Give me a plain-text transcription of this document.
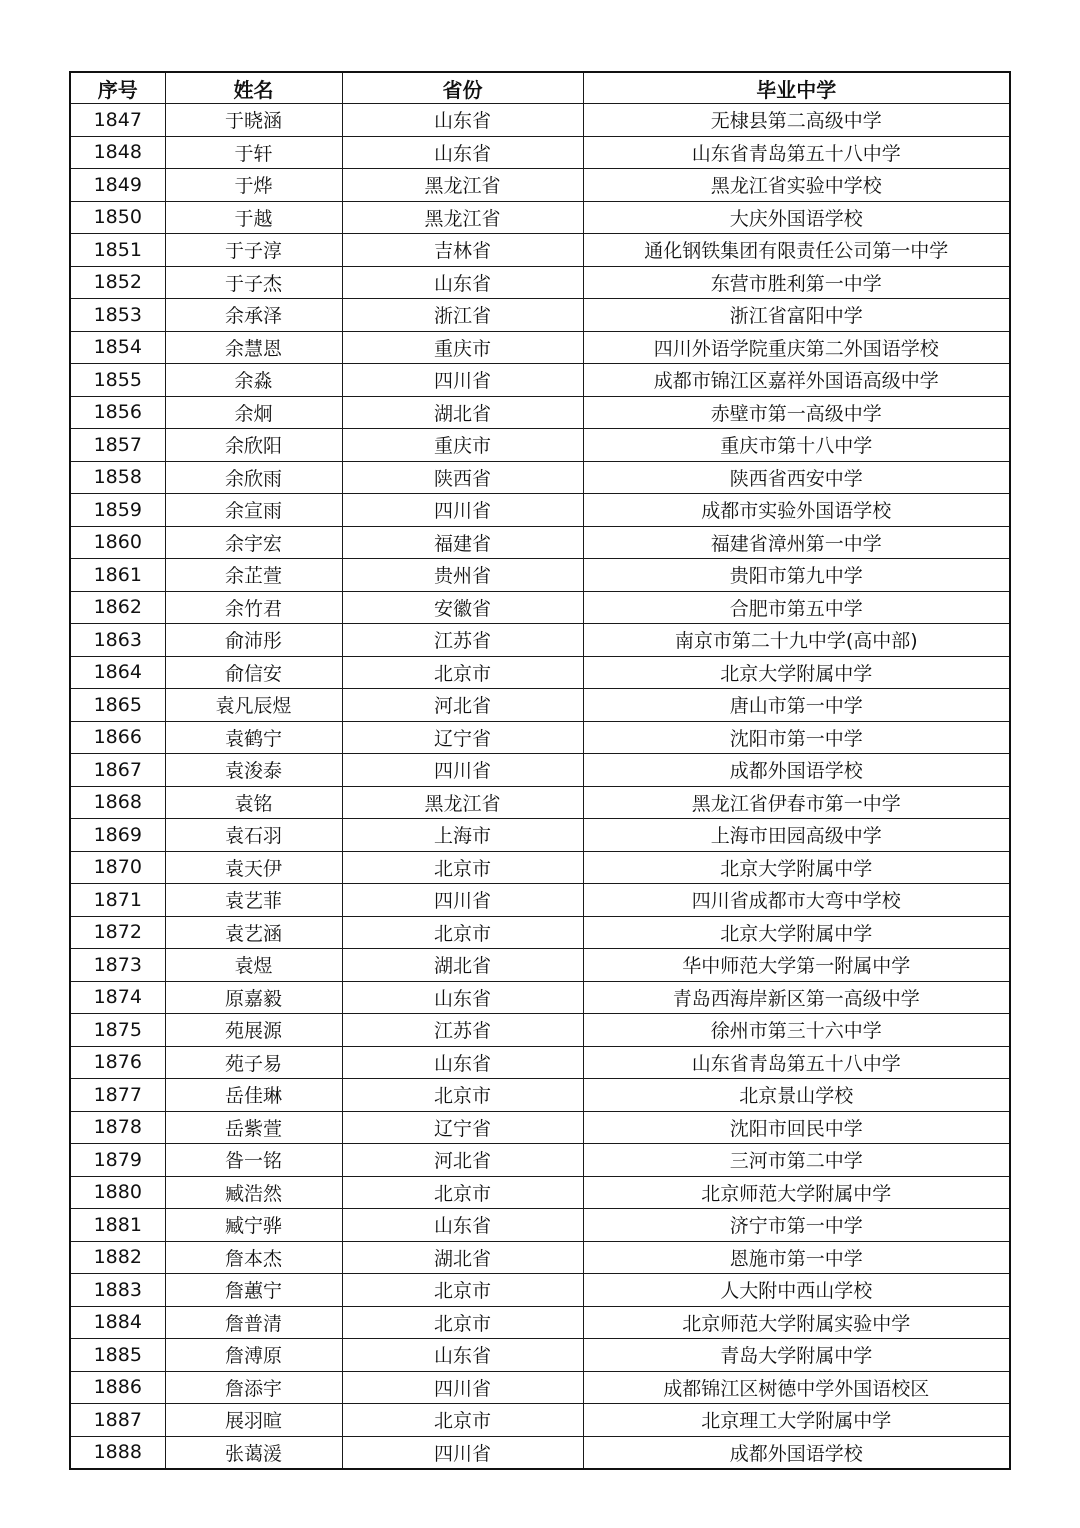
序号	姓名	省份	毕业中学
1847	于晓涵	山东省	无棣县第二高级中学
1848	于轩	山东省	山东省青岛第五十八中学
1849	于烨	黑龙江省	黑龙江省实验中学校
1850	于越	黑龙江省	大庆外国语学校
1851	于子淳	吉林省	通化钢铁集团有限责任公司第一中学
1852	于子杰	山东省	东营市胜利第一中学
1853	余承泽	浙江省	浙江省富阳中学
1854	余慧恩	重庆市	四川外语学院重庆第二外国语学校
1855	余淼	四川省	成都市锦江区嘉祥外国语高级中学
1856	余炯	湖北省	赤壁市第一高级中学
1857	余欣阳	重庆市	重庆市第十八中学
1858	余欣雨	陕西省	陕西省西安中学
1859	余宣雨	四川省	成都市实验外国语学校
1860	余宇宏	福建省	福建省漳州第一中学
1861	余芷萱	贵州省	贵阳市第九中学
1862	余竹君	安徽省	合肥市第五中学
1863	俞沛彤	江苏省	南京市第二十九中学(高中部)
1864	俞信安	北京市	北京大学附属中学
1865	袁凡辰煜	河北省	唐山市第一中学
1866	袁鹤宁	辽宁省	沈阳市第一中学
1867	袁浚泰	四川省	成都外国语学校
1868	袁铭	黑龙江省	黑龙江省伊春市第一中学
1869	袁石羽	上海市	上海市田园高级中学
1870	袁天伊	北京市	北京大学附属中学
1871	袁艺菲	四川省	四川省成都市大弯中学校
1872	袁艺涵	北京市	北京大学附属中学
1873	袁煜	湖北省	华中师范大学第一附属中学
1874	原嘉毅	山东省	青岛西海岸新区第一高级中学
1875	苑展源	江苏省	徐州市第三十六中学
1876	苑子易	山东省	山东省青岛第五十八中学
1877	岳佳琳	北京市	北京景山学校
1878	岳紫萱	辽宁省	沈阳市回民中学
1879	昝一铭	河北省	三河市第二中学
1880	臧浩然	北京市	北京师范大学附属中学
1881	臧宁骅	山东省	济宁市第一中学
1882	詹本杰	湖北省	恩施市第一中学
1883	詹蕙宁	北京市	人大附中西山学校
1884	詹普清	北京市	北京师范大学附属实验中学
1885	詹溥原	山东省	青岛大学附属中学
1886	詹添宇	四川省	成都锦江区树德中学外国语校区
1887	展羽暄	北京市	北京理工大学附属中学
1888	张蔼湲	四川省	成都外国语学校
